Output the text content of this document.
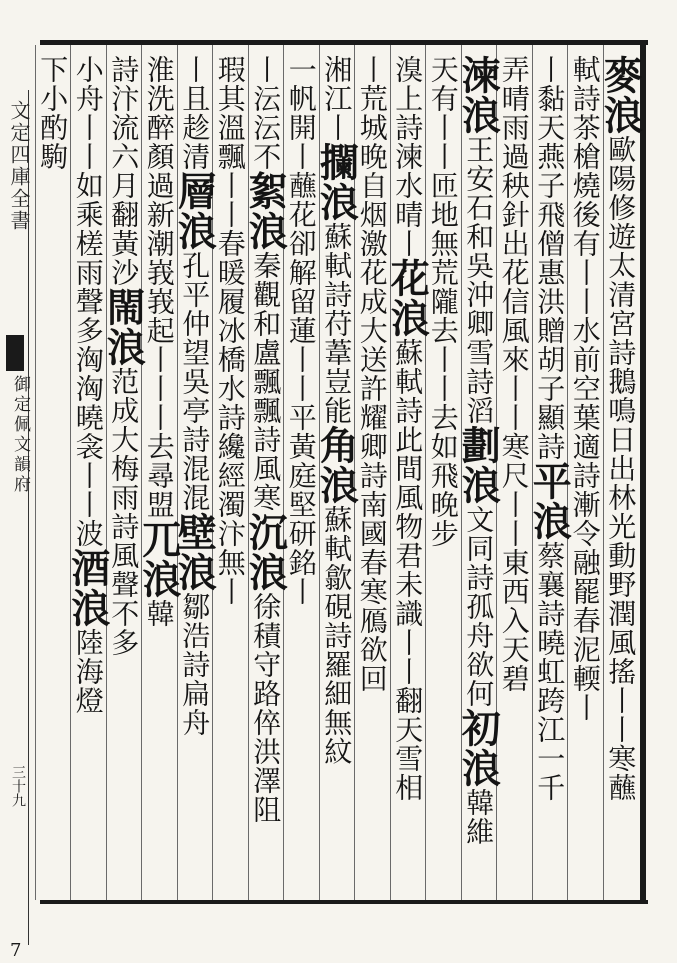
文定四庫全書
御定佩文韻府
三十九
7
麥浪歐陽修遊太清宮詩鵝鳴日出林光動野潤風搖丨丨寒蘸
軾詩茶槍燒後有丨丨水前空葉適詩漸令融罷春泥輭丨
丨黏天燕子飛僧惠洪贈胡子顯詩平浪蔡襄詩曉虹跨江一千
弄晴雨過秧針出花信風來丨丨寒尺丨丨東西入天碧
湅浪王安石和吳沖卿雪詩滔劃浪文同詩孤舟欲何初浪韓維
天有丨丨匝地無荒隴去丨丨去如飛晚步
溴上詩湅水晴丨花浪蘇軾詩此間風物君未識丨丨翻天雪相
丨荒城晚自烟激花成大送許耀卿詩南國春寒鴈欲回
湘江丨攔浪蘇軾詩苻葦豈能角浪蘇軾歙硯詩羅細無紋
一帆開丨蘸花卻解留蓮丨丨平黃庭堅研銘丨
丨沄沄不絮浪秦觀和盧飄飄詩風寒沉浪徐積守路倅洪澤阻
瑕其溫飄丨丨春暖履冰橋水詩纔經濁汴無丨
丨且趁清層浪孔平仲望吳亭詩混混壁浪鄒浩詩扁舟
淮洗醉顏過新潮峩峩起丨丨丨去尋盟兀浪韓
詩汴流六月翻黃沙閙浪范成大梅雨詩風聲不多
小舟丨丨如乘槎雨聲多洶洶曉衾丨丨波酒浪陸海燈
下小酌駒
